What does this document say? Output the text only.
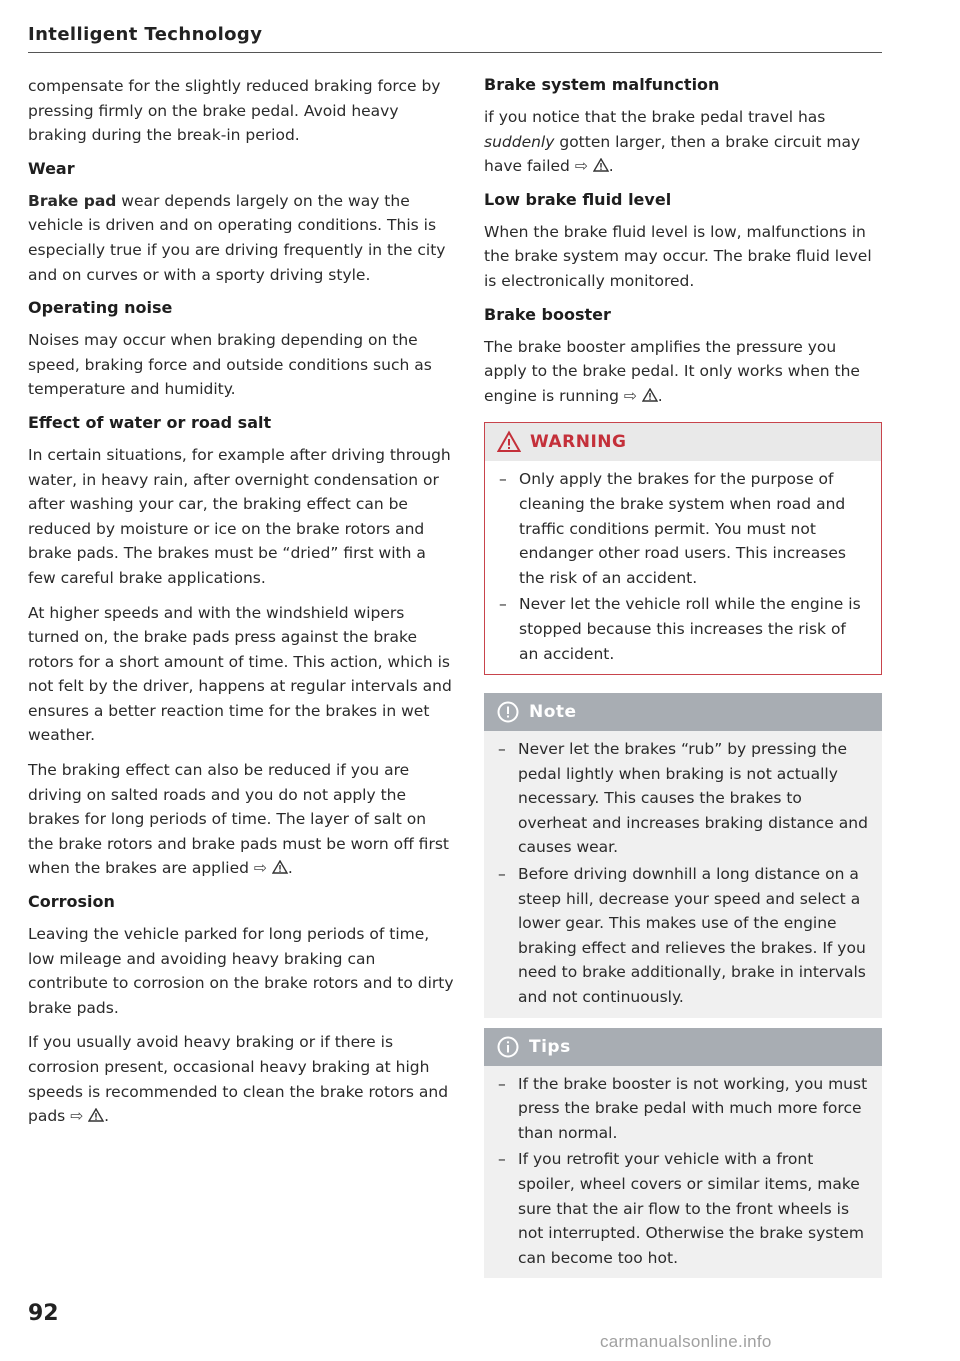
Intelligent Technology

compensate for the slightly reduced braking force by pressing firmly on the brake pedal. Avoid heavy braking during the break-in period.

Wear

Brake pad wear depends largely on the way the vehicle is driven and on operating conditions. This is especially true if you are driving frequently in the city and on curves or with a sporty driving style.

Operating noise

Noises may occur when braking depending on the speed, braking force and outside conditions such as temperature and humidity.

Effect of water or road salt

In certain situations, for example after driving through water, in heavy rain, after overnight condensation or after washing your car, the braking effect can be reduced by moisture or ice on the brake rotors and brake pads. The brakes must be “dried” first with a few careful brake applications.

At higher speeds and with the windshield wipers turned on, the brake pads press against the brake rotors for a short amount of time. This action, which is not felt by the driver, happens at regular intervals and ensures a better reaction time for the brakes in wet weather.

The braking effect can also be reduced if you are driving on salted roads and you do not apply the brakes for long periods of time. The layer of salt on the brake rotors and brake pads must be worn off first when the brakes are applied ⇨ .

Corrosion

Leaving the vehicle parked for long periods of time, low mileage and avoiding heavy braking can contribute to corrosion on the brake rotors and to dirty brake pads.

If you usually avoid heavy braking or if there is corrosion present, occasional heavy braking at high speeds is recommended to clean the brake rotors and pads ⇨ .

Brake system malfunction

if you notice that the brake pedal travel has suddenly gotten larger, then a brake circuit may have failed ⇨ .

Low brake fluid level

When the brake fluid level is low, malfunctions in the brake system may occur. The brake fluid level is electronically monitored.

Brake booster

The brake booster amplifies the pressure you apply to the brake pedal. It only works when the engine is running ⇨ .

WARNING
– Only apply the brakes for the purpose of cleaning the brake system when road and traffic conditions permit. You must not endanger other road users. This increases the risk of an accident.
– Never let the vehicle roll while the engine is stopped because this increases the risk of an accident.
Note
– Never let the brakes “rub” by pressing the pedal lightly when braking is not actually necessary. This causes the brakes to overheat and increases braking distance and causes wear.
– Before driving downhill a long distance on a steep hill, decrease your speed and select a lower gear. This makes use of the engine braking effect and relieves the brakes. If you need to brake additionally, brake in intervals and not continuously.
Tips
– If the brake booster is not working, you must press the brake pedal with much more force than normal.
– If you retrofit your vehicle with a front spoiler, wheel covers or similar items, make sure that the air flow to the front wheels is not interrupted. Otherwise the brake system can become too hot.
92
carmanualsonline.info
